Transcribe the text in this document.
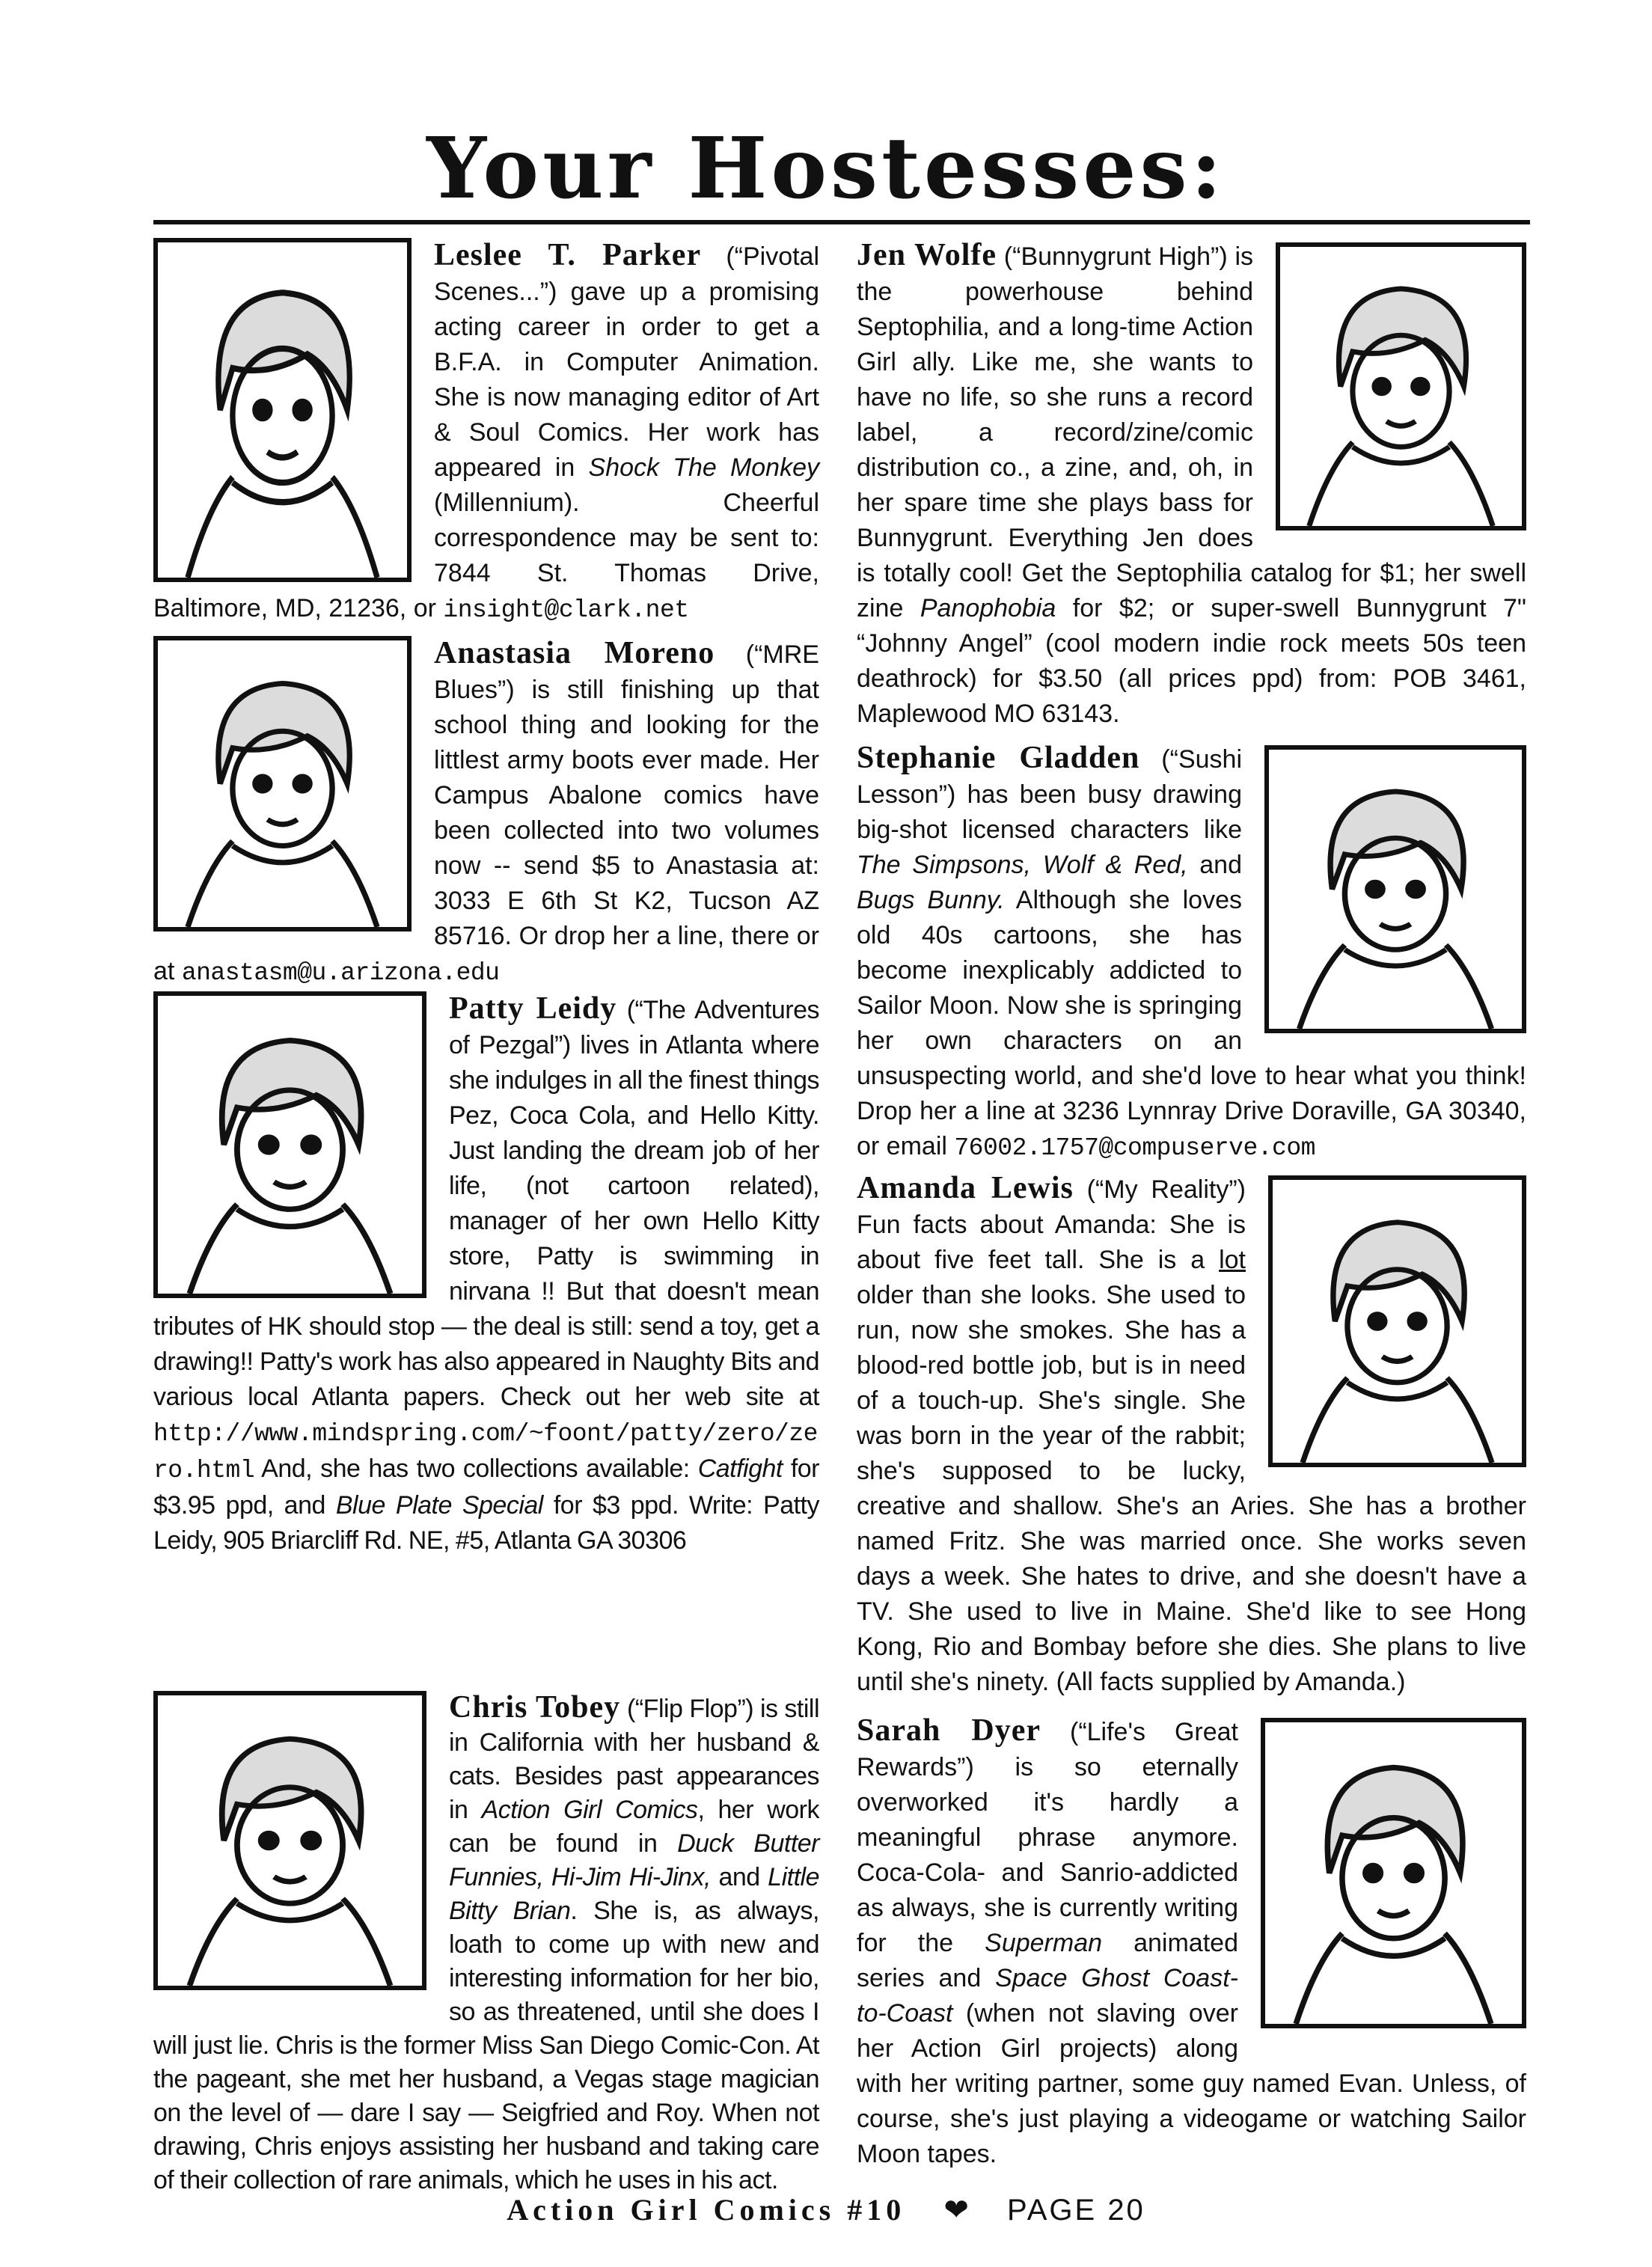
Your Hostesses:
Leslee T. Parker (“Pivotal Scenes...”) gave up a promising acting career in order to get a B.F.A. in Computer Animation. She is now managing editor of Art & Soul Comics. Her work has appeared in Shock The Monkey (Millennium). Cheerful correspondence may be sent to: 7844 St. Thomas Drive, Baltimore, MD, 21236, or insight@clark.net
Anastasia Moreno (“MRE Blues”) is still finishing up that school thing and looking for the littlest army boots ever made. Her Campus Abalone comics have been collected into two volumes now -- send $5 to Anastasia at: 3033 E 6th St K2, Tucson AZ 85716. Or drop her a line, there or at anastasm@u.arizona.edu
Patty Leidy (“The Adventures of Pezgal”) lives in Atlanta where she indulges in all the finest things Pez, Coca Cola, and Hello Kitty. Just landing the dream job of her life, (not cartoon related), manager of her own Hello Kitty store, Patty is swimming in nirvana !! But that doesn't mean tributes of HK should stop — the deal is still: send a toy, get a drawing!! Patty's work has also appeared in Naughty Bits and various local Atlanta papers. Check out her web site at http://www.mindspring.com/~foont/patty/zero/zero.html And, she has two collections available: Catfight for $3.95 ppd, and Blue Plate Special for $3 ppd. Write: Patty Leidy, 905 Briarcliff Rd. NE, #5, Atlanta GA 30306
Chris Tobey (“Flip Flop”) is still in California with her husband & cats. Besides past appearances in Action Girl Comics, her work can be found in Duck Butter Funnies, Hi-Jim Hi-Jinx, and Little Bitty Brian. She is, as always, loath to come up with new and interesting information for her bio, so as threatened, until she does I will just lie. Chris is the former Miss San Diego Comic-Con. At the pageant, she met her husband, a Vegas stage magician on the level of — dare I say — Seigfried and Roy. When not drawing, Chris enjoys assisting her husband and taking care of their collection of rare animals, which he uses in his act.
Jen Wolfe (“Bunnygrunt High”) is the powerhouse behind Septophilia, and a long-time Action Girl ally. Like me, she wants to have no life, so she runs a record label, a record/zine/comic distribution co., a zine, and, oh, in her spare time she plays bass for Bunnygrunt. Everything Jen does is totally cool! Get the Septophilia catalog for $1; her swell zine Panophobia for $2; or super-swell Bunnygrunt 7" “Johnny Angel” (cool modern indie rock meets 50s teen deathrock) for $3.50 (all prices ppd) from: POB 3461, Maplewood MO 63143.
Stephanie Gladden (“Sushi Lesson”) has been busy drawing big-shot licensed characters like The Simpsons, Wolf & Red, and Bugs Bunny. Although she loves old 40s cartoons, she has become inexplicably addicted to Sailor Moon. Now she is springing her own characters on an unsuspecting world, and she'd love to hear what you think! Drop her a line at 3236 Lynnray Drive Doraville, GA 30340, or email 76002.1757@compuserve.com
Amanda Lewis (“My Reality”) Fun facts about Amanda: She is about five feet tall. She is a lot older than she looks. She used to run, now she smokes. She has a blood-red bottle job, but is in need of a touch-up. She's single. She was born in the year of the rabbit; she's supposed to be lucky, creative and shallow. She's an Aries. She has a brother named Fritz. She was married once. She works seven days a week. She hates to drive, and she doesn't have a TV. She used to live in Maine. She'd like to see Hong Kong, Rio and Bombay before she dies. She plans to live until she's ninety. (All facts supplied by Amanda.)
Sarah Dyer (“Life's Great Rewards”) is so eternally overworked it's hardly a meaningful phrase anymore. Coca-Cola- and Sanrio-addicted as always, she is currently writing for the Superman animated series and Space Ghost Coast-to-Coast (when not slaving over her Action Girl projects) along with her writing partner, some guy named Evan. Unless, of course, she's just playing a videogame or watching Sailor Moon tapes.
Action Girl Comics #10 ❤ PAGE 20
